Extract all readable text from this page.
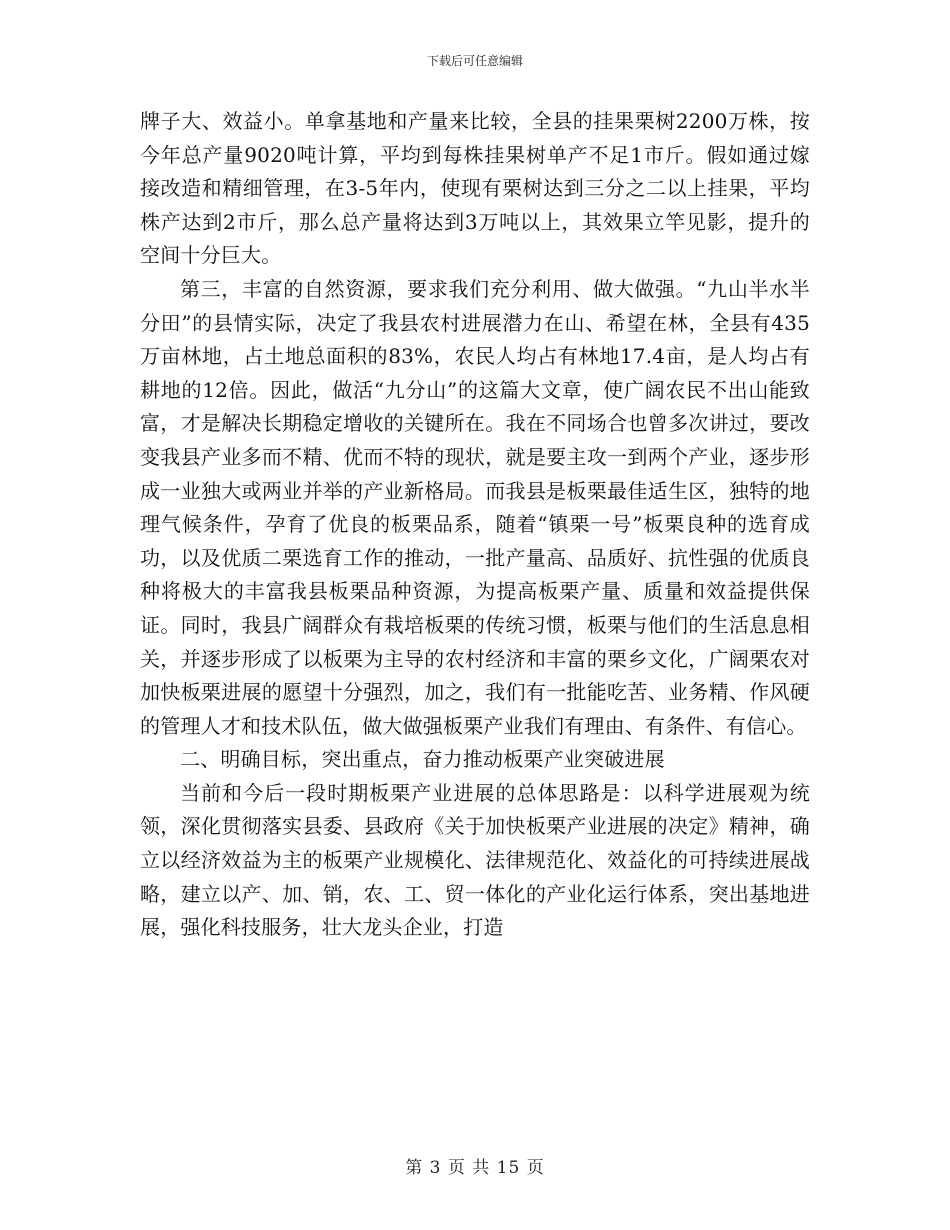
下载后可任意编辑

牌子大、效益小。单拿基地和产量来比较，全县的挂果栗树2200万株，按今年总产量9020吨计算，平均到每株挂果树单产不足1市斤。假如通过嫁接改造和精细管理，在3-5年内，使现有栗树达到三分之二以上挂果，平均株产达到2市斤，那么总产量将达到3万吨以上，其效果立竿见影，提升的空间十分巨大。

第三，丰富的自然资源，要求我们充分利用、做大做强。“九山半水半分田”的县情实际，决定了我县农村进展潜力在山、希望在林，全县有435万亩林地，占土地总面积的83%，农民人均占有林地17.4亩，是人均占有耕地的12倍。因此，做活“九分山”的这篇大文章，使广阔农民不出山能致富，才是解决长期稳定增收的关键所在。我在不同场合也曾多次讲过，要改变我县产业多而不精、优而不特的现状，就是要主攻一到两个产业，逐步形成一业独大或两业并举的产业新格局。而我县是板栗最佳适生区，独特的地理气候条件，孕育了优良的板栗品系，随着“镇栗一号”板栗良种的选育成功，以及优质二栗选育工作的推动，一批产量高、品质好、抗性强的优质良种将极大的丰富我县板栗品种资源，为提高板栗产量、质量和效益提供保证。同时，我县广阔群众有栽培板栗的传统习惯，板栗与他们的生活息息相关，并逐步形成了以板栗为主导的农村经济和丰富的栗乡文化，广阔栗农对加快板栗进展的愿望十分强烈，加之，我们有一批能吃苦、业务精、作风硬的管理人才和技术队伍，做大做强板栗产业我们有理由、有条件、有信心。

二、明确目标，突出重点，奋力推动板栗产业突破进展

当前和今后一段时期板栗产业进展的总体思路是：以科学进展观为统领，深化贯彻落实县委、县政府《关于加快板栗产业进展的决定》精神，确立以经济效益为主的板栗产业规模化、法律规范化、效益化的可持续进展战略，建立以产、加、销，农、工、贸一体化的产业化运行体系，突出基地进展，强化科技服务，壮大龙头企业，打造

第 3 页 共 15 页
